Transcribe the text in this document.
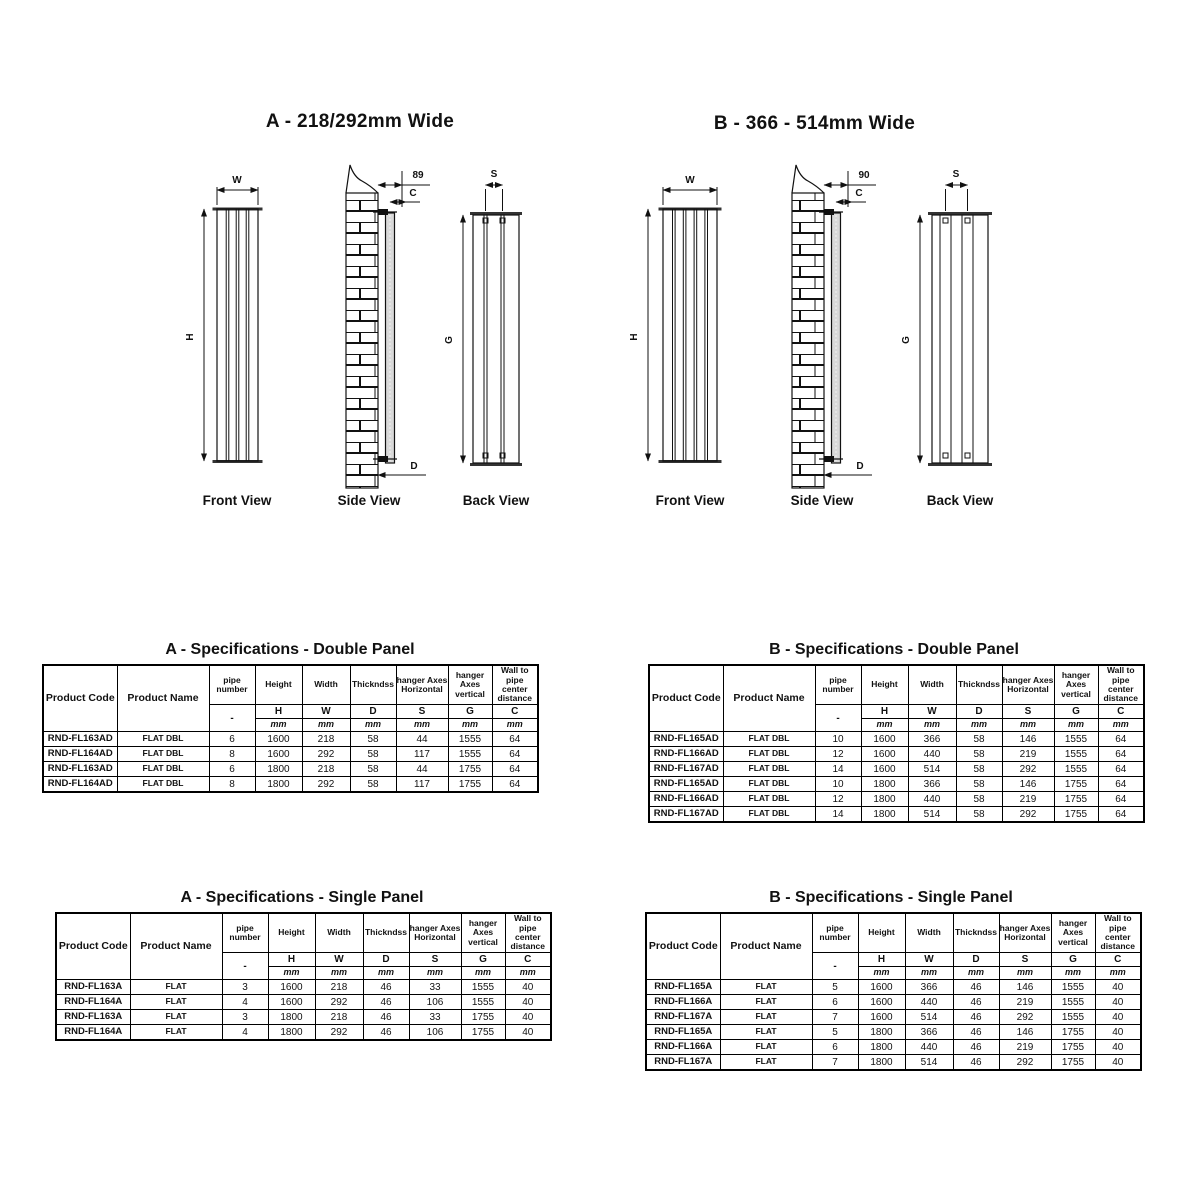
A - 218/292mm Wide	B - 366 - 514mm Wide
W
H
Front View
89
C
D
Side View
S
G
Back View
W
H
Front View
90
C
D
Side View
S
G
Back View
A - Specifications - Double Panel
Product Code	Product Name	pipe number	Height	Width	Thickndss	hanger Axes Horizontal	hanger Axes vertical	Wall to pipe center distance
		-	H	W	D	S	G	C
			mm	mm	mm	mm	mm	mm
RND-FL163AD	FLAT DBL	6	1600	218	58	44	1555	64
RND-FL164AD	FLAT DBL	8	1600	292	58	117	1555	64
RND-FL163AD	FLAT DBL	6	1800	218	58	44	1755	64
RND-FL164AD	FLAT DBL	8	1800	292	58	117	1755	64
B - Specifications - Double Panel
Product Code	Product Name	pipe number	Height	Width	Thickndss	hanger Axes Horizontal	hanger Axes vertical	Wall to pipe center distance
		-	H	W	D	S	G	C
			mm	mm	mm	mm	mm	mm
RND-FL165AD	FLAT DBL	10	1600	366	58	146	1555	64
RND-FL166AD	FLAT DBL	12	1600	440	58	219	1555	64
RND-FL167AD	FLAT DBL	14	1600	514	58	292	1555	64
RND-FL165AD	FLAT DBL	10	1800	366	58	146	1755	64
RND-FL166AD	FLAT DBL	12	1800	440	58	219	1755	64
RND-FL167AD	FLAT DBL	14	1800	514	58	292	1755	64
A - Specifications - Single Panel
Product Code	Product Name	pipe number	Height	Width	Thickndss	hanger Axes Horizontal	hanger Axes vertical	Wall to pipe center distance
		-	H	W	D	S	G	C
			mm	mm	mm	mm	mm	mm
RND-FL163A	FLAT	3	1600	218	46	33	1555	40
RND-FL164A	FLAT	4	1600	292	46	106	1555	40
RND-FL163A	FLAT	3	1800	218	46	33	1755	40
RND-FL164A	FLAT	4	1800	292	46	106	1755	40
B - Specifications - Single Panel
Product Code	Product Name	pipe number	Height	Width	Thickndss	hanger Axes Horizontal	hanger Axes vertical	Wall to pipe center distance
		-	H	W	D	S	G	C
			mm	mm	mm	mm	mm	mm
RND-FL165A	FLAT	5	1600	366	46	146	1555	40
RND-FL166A	FLAT	6	1600	440	46	219	1555	40
RND-FL167A	FLAT	7	1600	514	46	292	1555	40
RND-FL165A	FLAT	5	1800	366	46	146	1755	40
RND-FL166A	FLAT	6	1800	440	46	219	1755	40
RND-FL167A	FLAT	7	1800	514	46	292	1755	40
